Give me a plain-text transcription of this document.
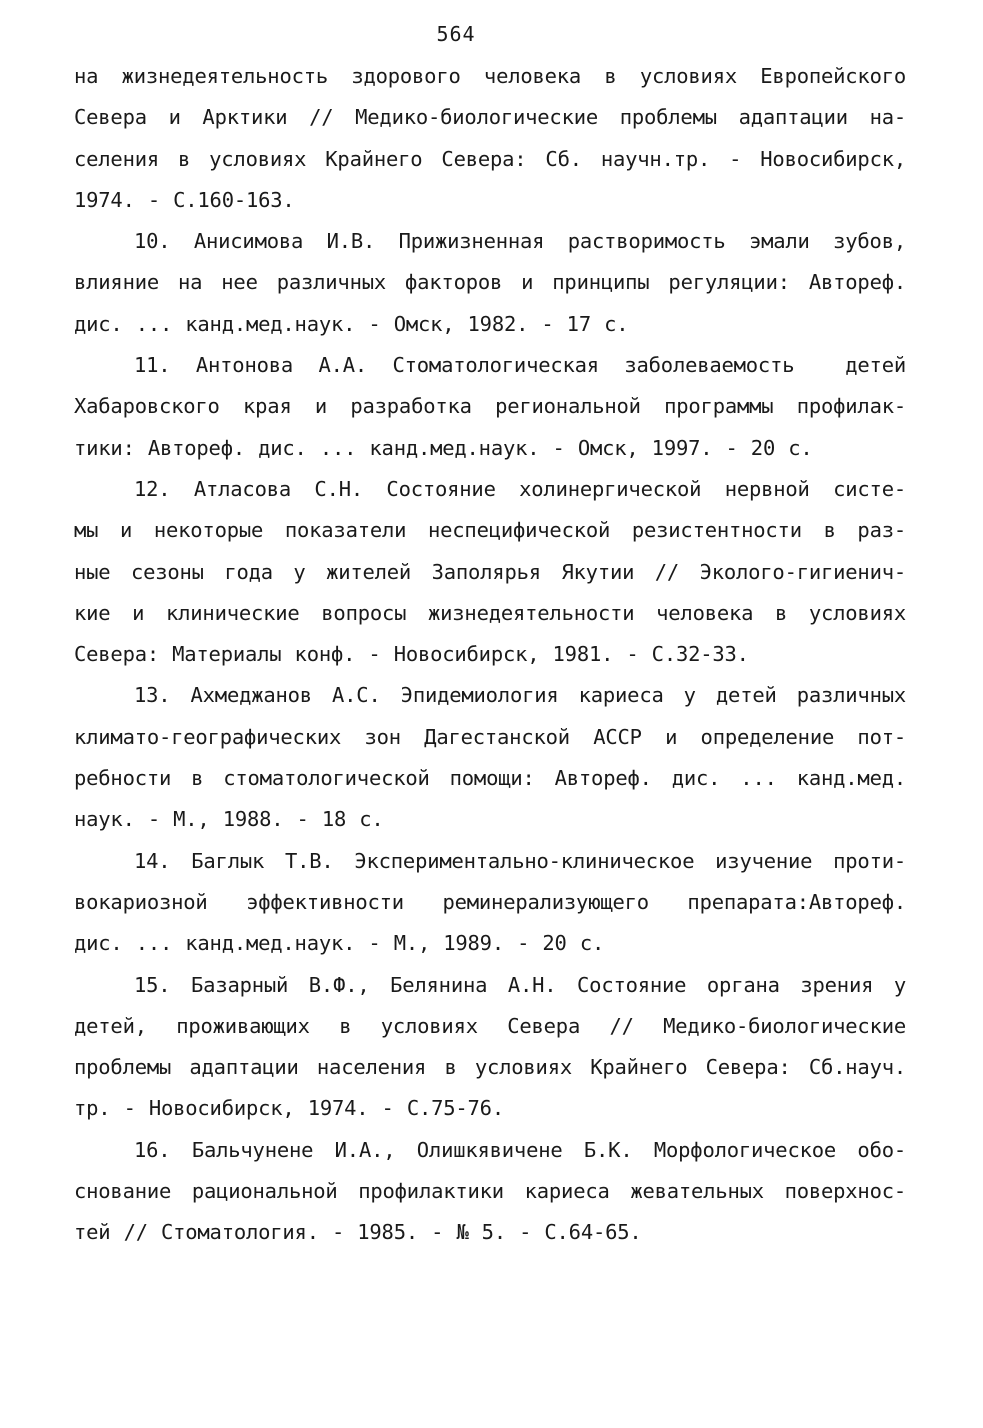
564
на жизнедеятельность здорового человека в условиях Европейского
Севера и Арктики // Медико-биологические проблемы адаптации на-
селения в условиях Крайнего Севера: Сб. научн.тр. - Новосибирск,
1974. - С.160-163.
10. Анисимова И.В. Прижизненная растворимость эмали зубов,
влияние на нее различных факторов и принципы регуляции: Автореф.
дис. ... канд.мед.наук. - Омск, 1982. - 17 с.
11. Антонова А.А. Стоматологическая заболеваемость  детей
Хабаровского края и разработка региональной программы профилак-
тики: Автореф. дис. ... канд.мед.наук. - Омск, 1997. - 20 с.
12. Атласова С.Н. Состояние холинергической нервной систе-
мы и некоторые показатели неспецифической резистентности в раз-
ные сезоны года у жителей Заполярья Якутии // Эколого-гигиенич-
кие и клинические вопросы жизнедеятельности человека в условиях
Севера: Материалы конф. - Новосибирск, 1981. - С.32-33.
13. Ахмеджанов А.С. Эпидемиология кариеса у детей различных
климато-географических зон Дагестанской АССР и определение пот-
ребности в стоматологической помощи: Автореф. дис. ... канд.мед.
наук. - М., 1988. - 18 с.
14. Баглык Т.В. Экспериментально-клиническое изучение проти-
вокариозной эффективности реминерализующего препарата:Автореф.
дис. ... канд.мед.наук. - М., 1989. - 20 с.
15. Базарный В.Ф., Белянина А.Н. Состояние органа зрения у
детей, проживающих в условиях Севера // Медико-биологические
проблемы адаптации населения в условиях Крайнего Севера: Сб.науч.
тр. - Новосибирск, 1974. - С.75-76.
16. Бальчунене И.А., Олишкявичене Б.К. Морфологическое обо-
снование рациональной профилактики кариеса жевательных поверхнос-
тей // Стоматология. - 1985. - № 5. - С.64-65.
